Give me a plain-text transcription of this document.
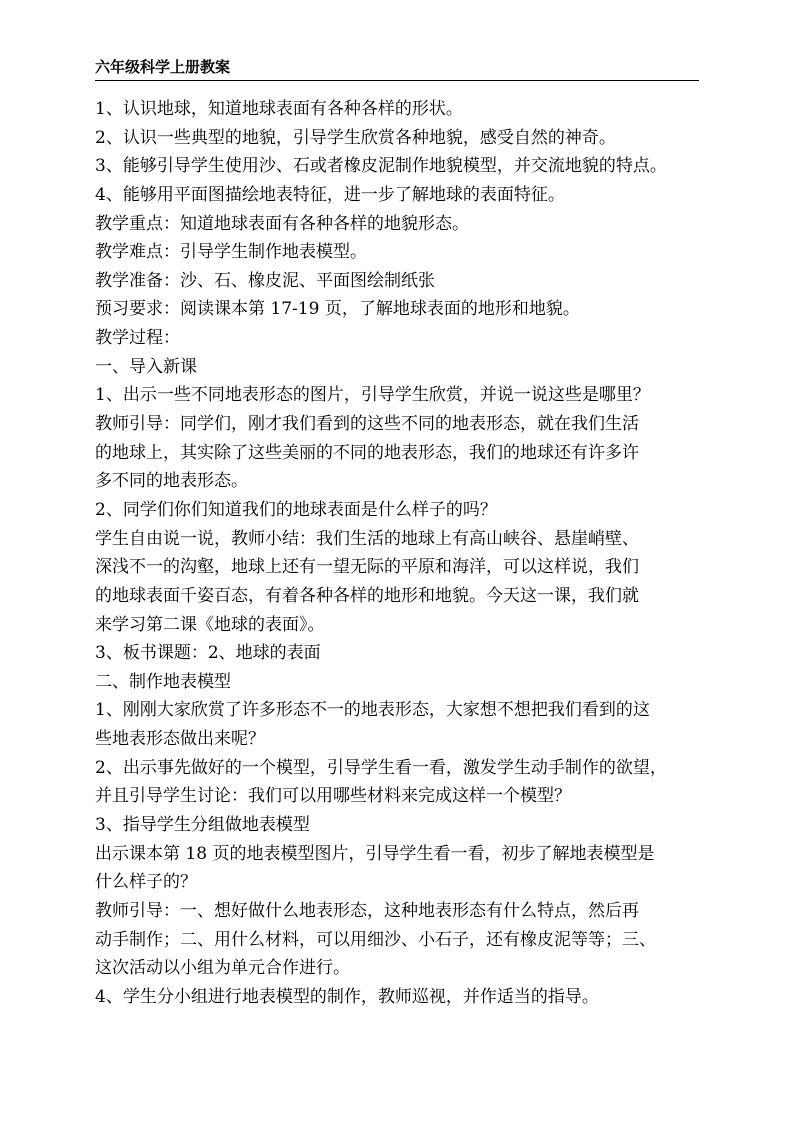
六年级科学上册教案
1、认识地球，知道地球表面有各种各样的形状。
2、认识一些典型的地貌，引导学生欣赏各种地貌，感受自然的神奇。
3、能够引导学生使用沙、石或者橡皮泥制作地貌模型，并交流地貌的特点。
4、能够用平面图描绘地表特征，进一步了解地球的表面特征。
教学重点：知道地球表面有各种各样的地貌形态。
教学难点：引导学生制作地表模型。
教学准备：沙、石、橡皮泥、平面图绘制纸张
预习要求：阅读课本第 17-19 页，了解地球表面的地形和地貌。
教学过程：
一、导入新课
1、出示一些不同地表形态的图片，引导学生欣赏，并说一说这些是哪里？
教师引导：同学们，刚才我们看到的这些不同的地表形态，就在我们生活
的地球上，其实除了这些美丽的不同的地表形态，我们的地球还有许多许
多不同的地表形态。
2、同学们你们知道我们的地球表面是什么样子的吗？
学生自由说一说，教师小结：我们生活的地球上有高山峡谷、悬崖峭壁、
深浅不一的沟壑，地球上还有一望无际的平原和海洋，可以这样说，我们
的地球表面千姿百态，有着各种各样的地形和地貌。今天这一课，我们就
来学习第二课《地球的表面》。
3、板书课题：2、地球的表面
二、制作地表模型
1、刚刚大家欣赏了许多形态不一的地表形态，大家想不想把我们看到的这
些地表形态做出来呢？
2、出示事先做好的一个模型，引导学生看一看，激发学生动手制作的欲望，
并且引导学生讨论：我们可以用哪些材料来完成这样一个模型？
3、指导学生分组做地表模型
出示课本第 18 页的地表模型图片，引导学生看一看，初步了解地表模型是
什么样子的？
教师引导：一、想好做什么地表形态，这种地表形态有什么特点，然后再
动手制作；二、用什么材料，可以用细沙、小石子，还有橡皮泥等等；三、
这次活动以小组为单元合作进行。
4、学生分小组进行地表模型的制作，教师巡视，并作适当的指导。
